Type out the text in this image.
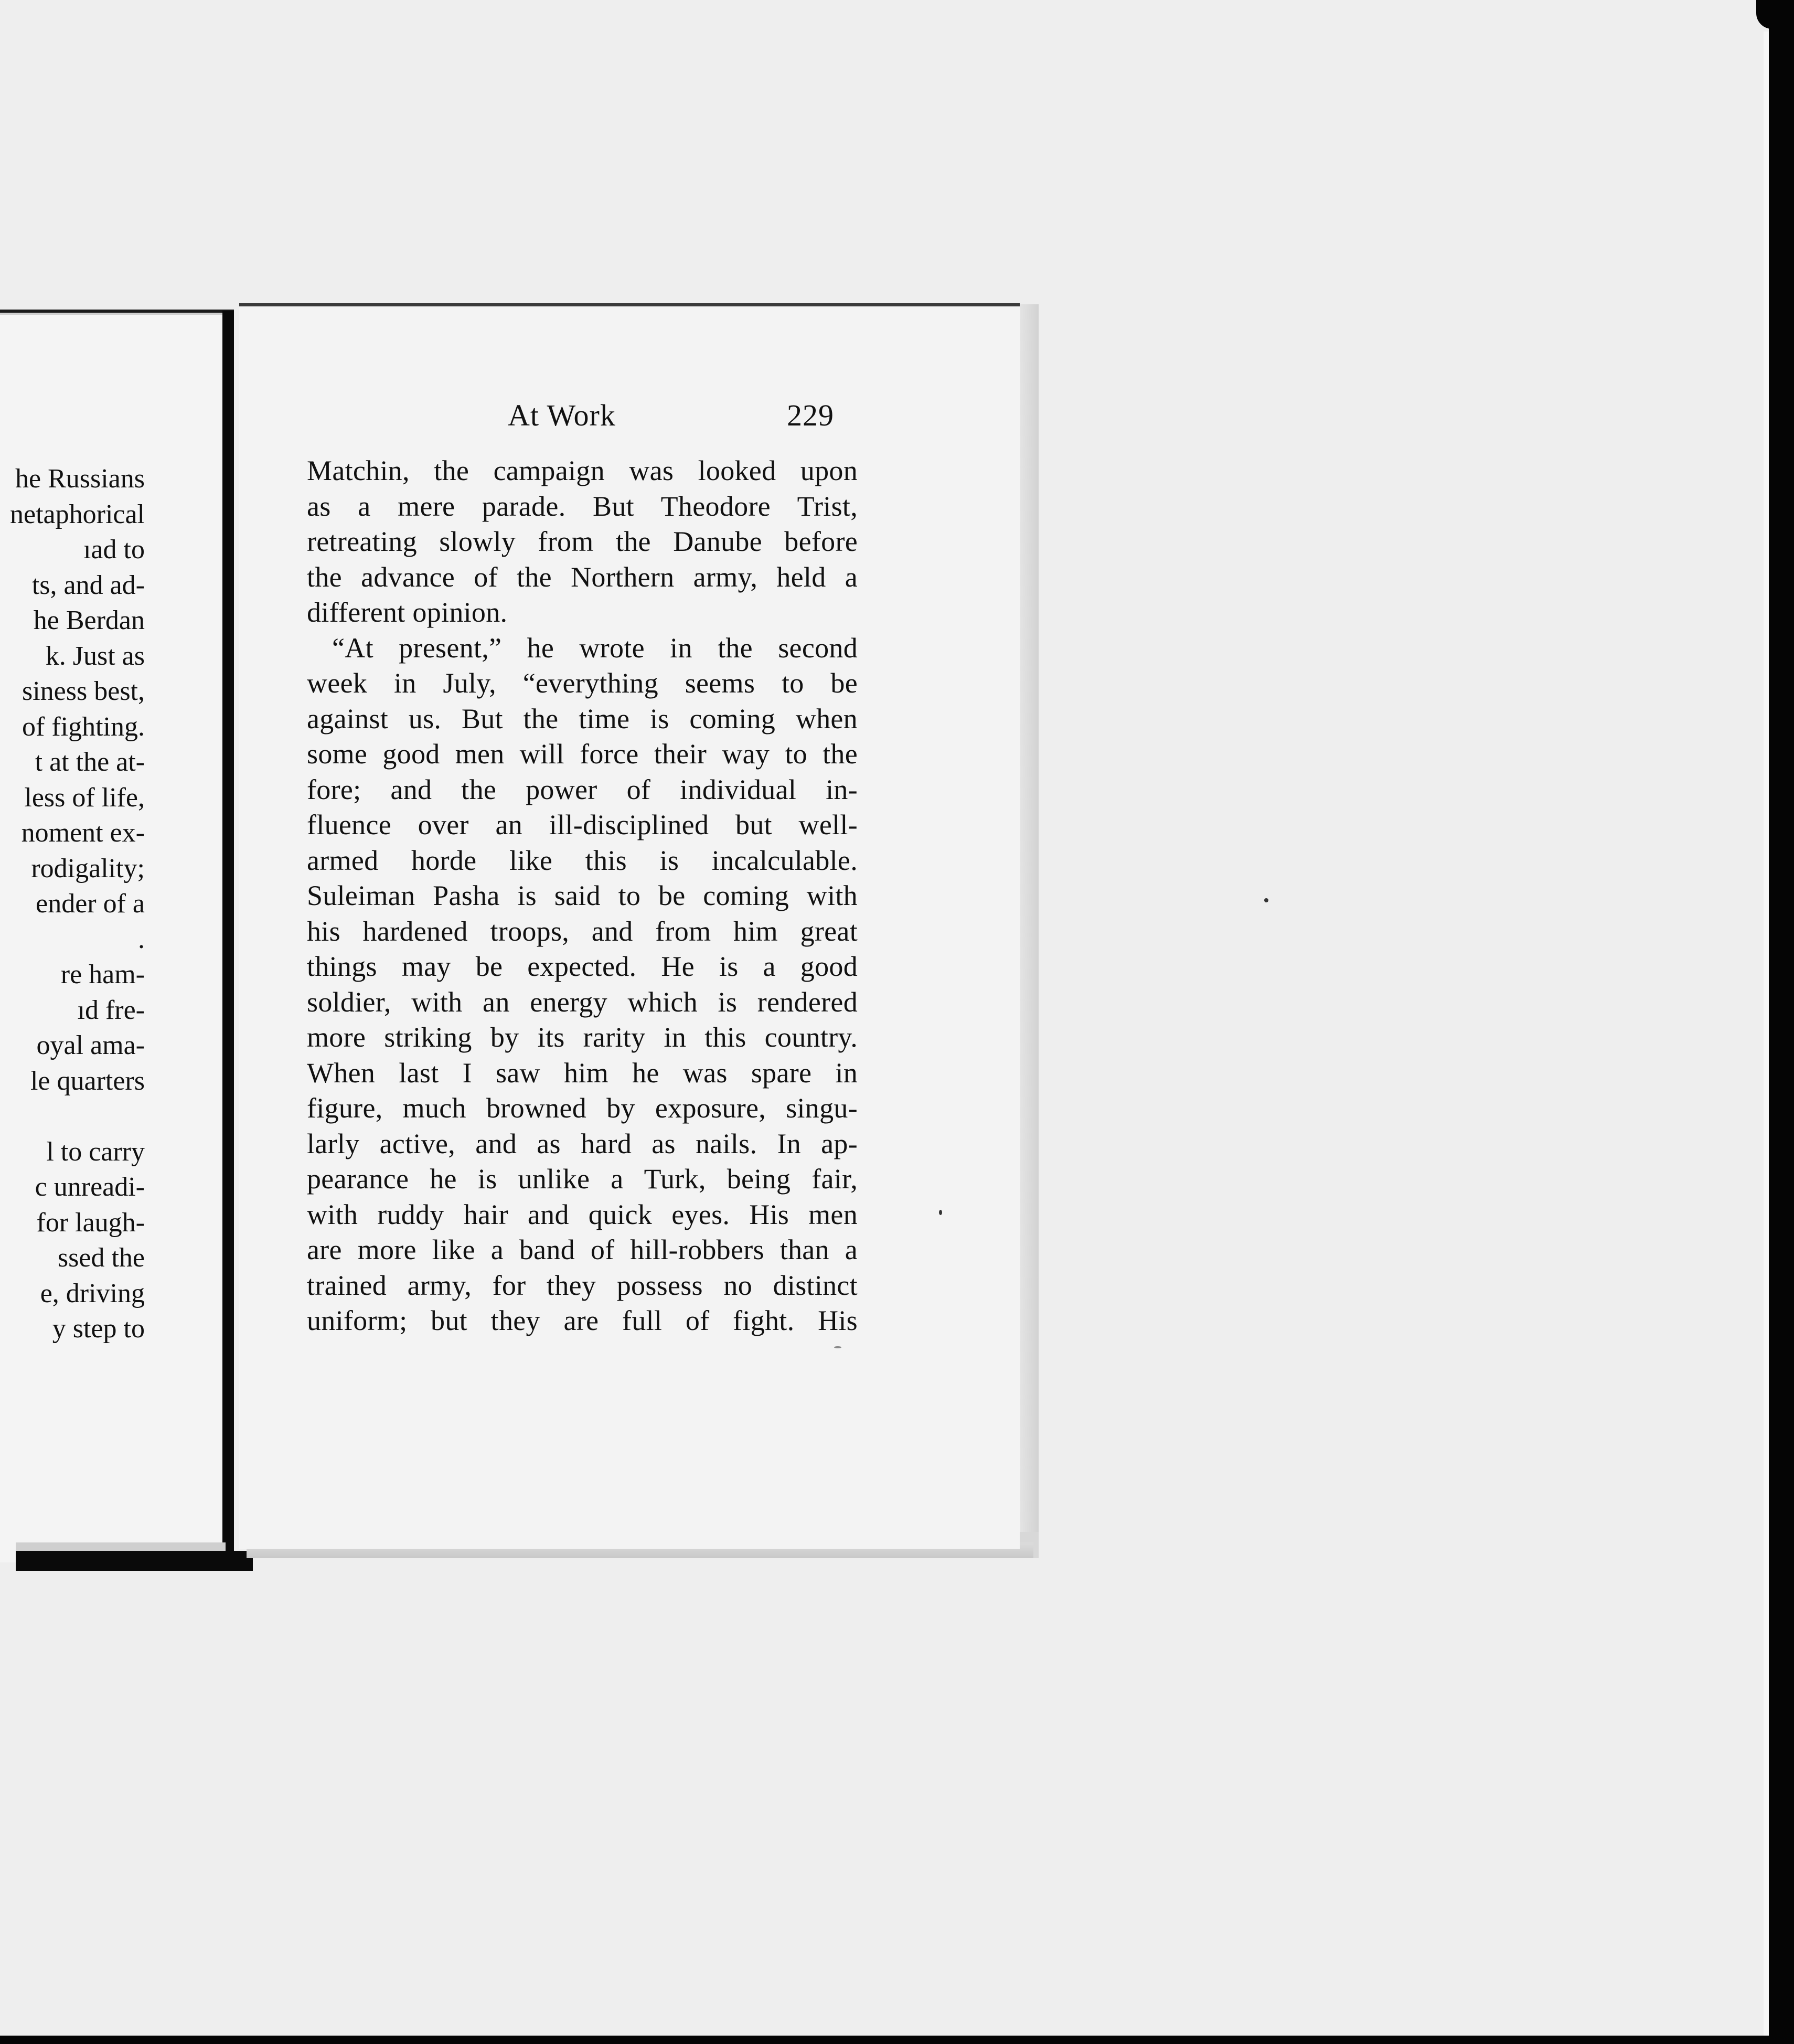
he Russians
netaphorical
ıad to
ts, and ad-
he Berdan
k. Just as
siness best,
of fighting.
t at the at-
less of life,
noment ex-
rodigality;
ender of a
.
re ham-
ıd fre-
oyal ama-
le quarters
l to carry
c unreadi-
for laugh-
ssed the
e, driving
y step to
At Work	229
Matchin, the campaign was looked upon
as a mere parade. But Theodore Trist,
retreating slowly from the Danube before
the advance of the Northern army, held a
different opinion.
“At present,” he wrote in the second
week in July, “everything seems to be
against us. But the time is coming when
some good men will force their way to the
fore; and the power of individual in-
fluence over an ill-disciplined but well-
armed horde like this is incalculable.
Suleiman Pasha is said to be coming with
his hardened troops, and from him great
things may be expected. He is a good
soldier, with an energy which is rendered
more striking by its rarity in this country.
When last I saw him he was spare in
figure, much browned by exposure, singu-
larly active, and as hard as nails. In ap-
pearance he is unlike a Turk, being fair,
with ruddy hair and quick eyes. His men
are more like a band of hill-robbers than a
trained army, for they possess no distinct
uniform; but they are full of fight. His
